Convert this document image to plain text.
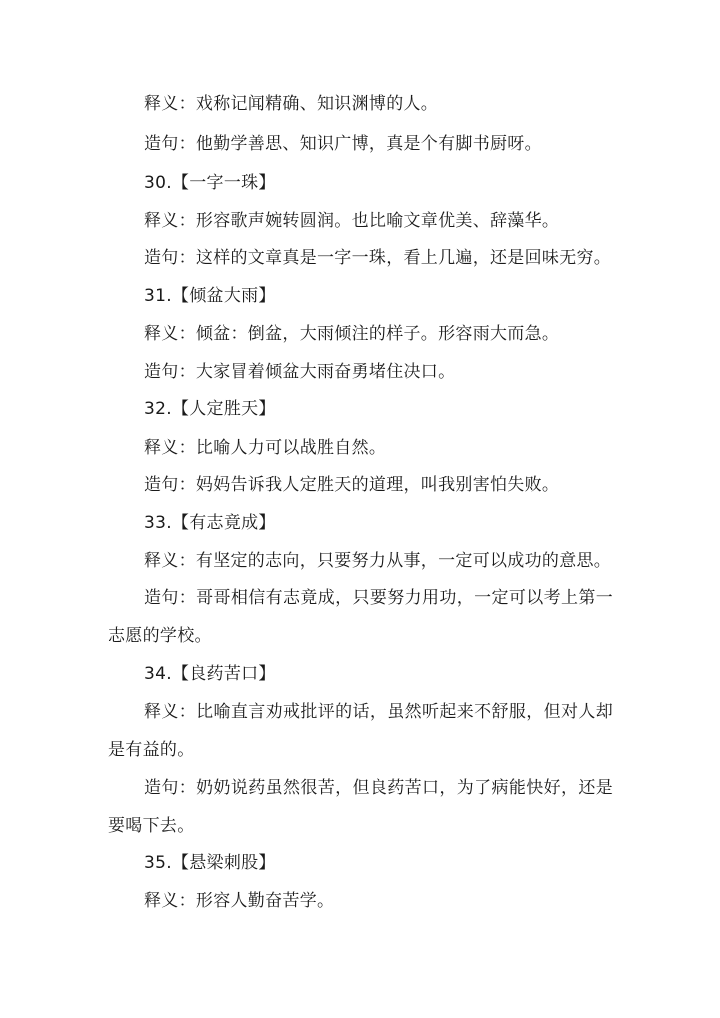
释义：戏称记闻精确、知识渊博的人。
造句：他勤学善思、知识广博，真是个有脚书厨呀。
30.【一字一珠】
释义：形容歌声婉转圆润。也比喻文章优美、辞藻华。
造句：这样的文章真是一字一珠，看上几遍，还是回味无穷。
31.【倾盆大雨】
释义：倾盆：倒盆，大雨倾注的样子。形容雨大而急。
造句：大家冒着倾盆大雨奋勇堵住决口。
32.【人定胜天】
释义：比喻人力可以战胜自然。
造句：妈妈告诉我人定胜天的道理，叫我别害怕失败。
33.【有志竟成】
释义：有坚定的志向，只要努力从事，一定可以成功的意思。
造句：哥哥相信有志竟成，只要努力用功，一定可以考上第一志愿的学校。
34.【良药苦口】
释义：比喻直言劝戒批评的话，虽然听起来不舒服，但对人却是有益的。
造句：奶奶说药虽然很苦，但良药苦口，为了病能快好，还是要喝下去。
35.【悬梁刺股】
释义：形容人勤奋苦学。
